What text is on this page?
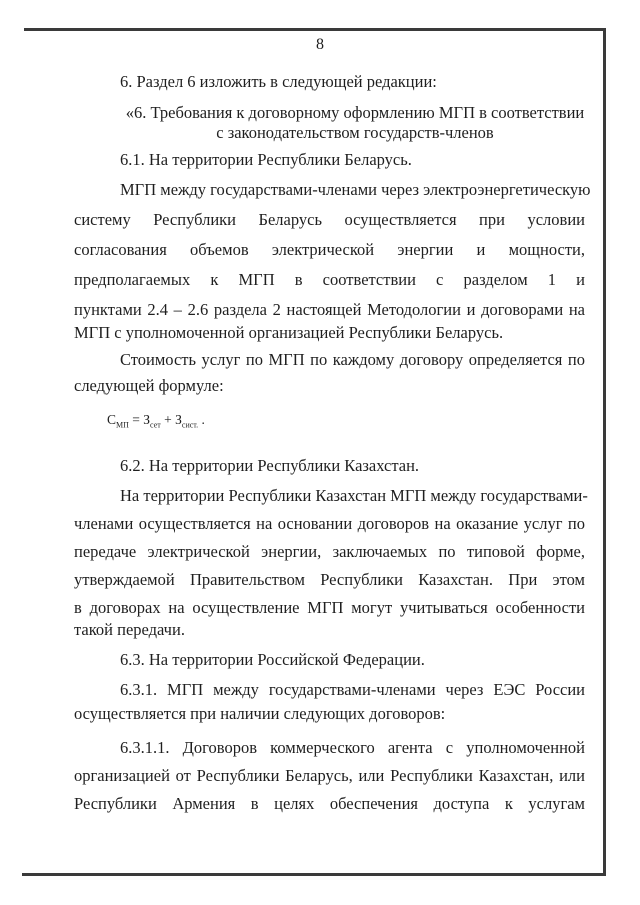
8
6. Раздел 6 изложить в следующей редакции:
«6. Требования к договорному оформлению МГП в соответствии
с законодательством государств-членов
6.1. На территории Республики Беларусь.
МГП между государствами-членами через электроэнергетическую
систему Республики Беларусь осуществляется при условии
согласования объемов электрической энергии и мощности,
предполагаемых к МГП в соответствии с разделом 1 и
пунктами 2.4 – 2.6 раздела 2 настоящей Методологии и договорами на
МГП с уполномоченной организацией Республики Беларусь.
Стоимость услуг по МГП по каждому договору определяется по
следующей формуле:
$С_{МП} = З_{сет} + З_{сист.}$ .
6.2. На территории Республики Казахстан.
На территории Республики Казахстан МГП между государствами-
членами осуществляется на основании договоров на оказание услуг по
передаче электрической энергии, заключаемых по типовой форме,
утверждаемой Правительством Республики Казахстан. При этом
в договорах на осуществление МГП могут учитываться особенности
такой передачи.
6.3. На территории Российской Федерации.
6.3.1. МГП между государствами-членами через ЕЭС России
осуществляется при наличии следующих договоров:
6.3.1.1. Договоров коммерческого агента с уполномоченной
организацией от Республики Беларусь, или Республики Казахстан, или
Республики Армения в целях обеспечения доступа к услугам
